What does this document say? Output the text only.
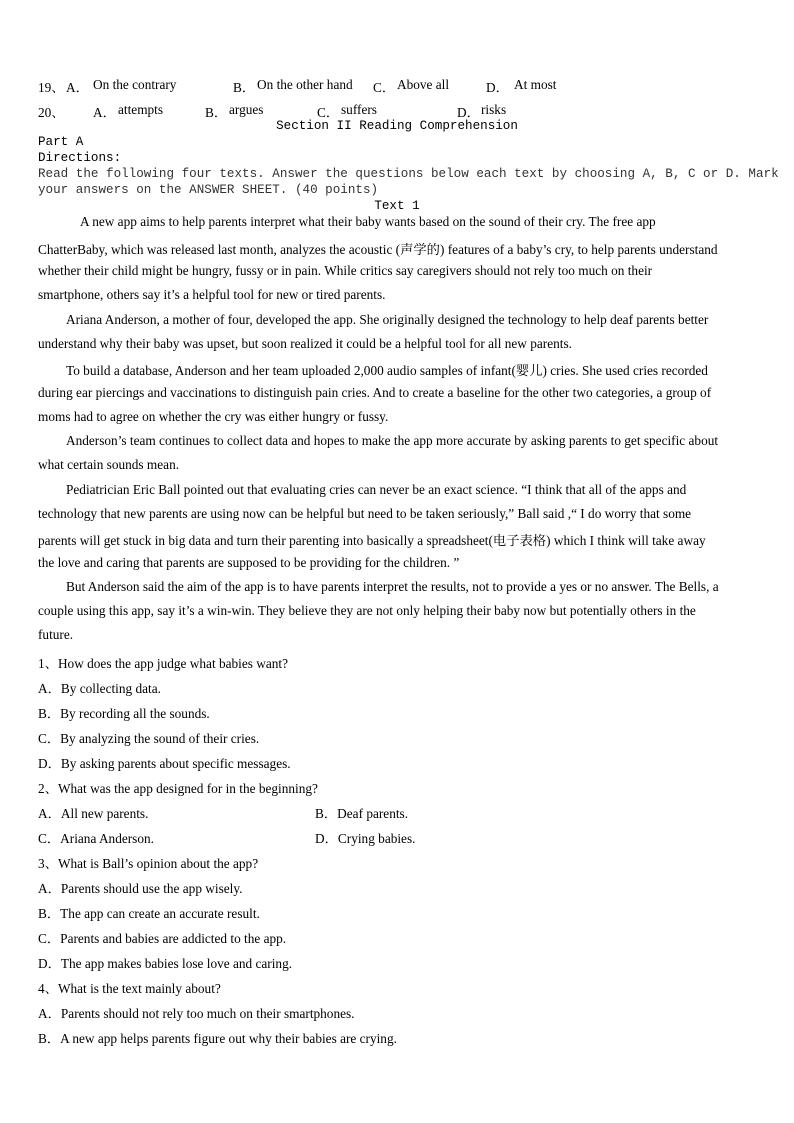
19、 A． On the contrary	B． On the other hand C． Above all	D． At most
20、 A． attempts	B． argues	C． suffers	D． risks
Section II Reading Comprehension
Part A
Directions:
Read the following four texts. Answer the questions below each text by choosing A, B, C or D. Mark
your answers on the ANSWER SHEET. (40 points)
Text 1
A new app aims to help parents interpret what their baby wants based on the sound of their cry. The free app
ChatterBaby, which was released last month, analyzes the acoustic (声学的) features of a baby’s cry, to help parents understand
whether their child might be hungry, fussy or in pain. While critics say caregivers should not rely too much on their
smartphone, others say it’s a helpful tool for new or tired parents.
Ariana Anderson, a mother of four, developed the app. She originally designed the technology to help deaf parents better
understand why their baby was upset, but soon realized it could be a helpful tool for all new parents.
To build a database, Anderson and her team uploaded 2,000 audio samples of infant(婴儿) cries. She used cries recorded
during ear piercings and vaccinations to distinguish pain cries. And to create a baseline for the other two categories, a group of
moms had to agree on whether the cry was either hungry or fussy.
Anderson’s team continues to collect data and hopes to make the app more accurate by asking parents to get specific about
what certain sounds mean.
Pediatrician Eric Ball pointed out that evaluating cries can never be an exact science. “I think that all of the apps and
technology that new parents are using now can be helpful but need to be taken seriously,” Ball said ,“ I do worry that some
parents will get stuck in big data and turn their parenting into basically a spreadsheet(电子表格) which I think will take away
the love and caring that parents are supposed to be providing for the children. ”
But Anderson said the aim of the app is to have parents interpret the results, not to provide a yes or no answer. The Bells, a
couple using this app, say it’s a win-win. They believe they are not only helping their baby now but potentially others in the
future.
1、How does the app judge what babies want?
A．By collecting data.
B．By recording all the sounds.
C．By analyzing the sound of their cries.
D．By asking parents about specific messages.
2、What was the app designed for in the beginning?
A．All new parents.	B．Deaf parents.
C．Ariana Anderson.	D．Crying babies.
3、What is Ball’s opinion about the app?
A．Parents should use the app wisely.
B．The app can create an accurate result.
C．Parents and babies are addicted to the app.
D．The app makes babies lose love and caring.
4、What is the text mainly about?
A．Parents should not rely too much on their smartphones.
B．A new app helps parents figure out why their babies are crying.
